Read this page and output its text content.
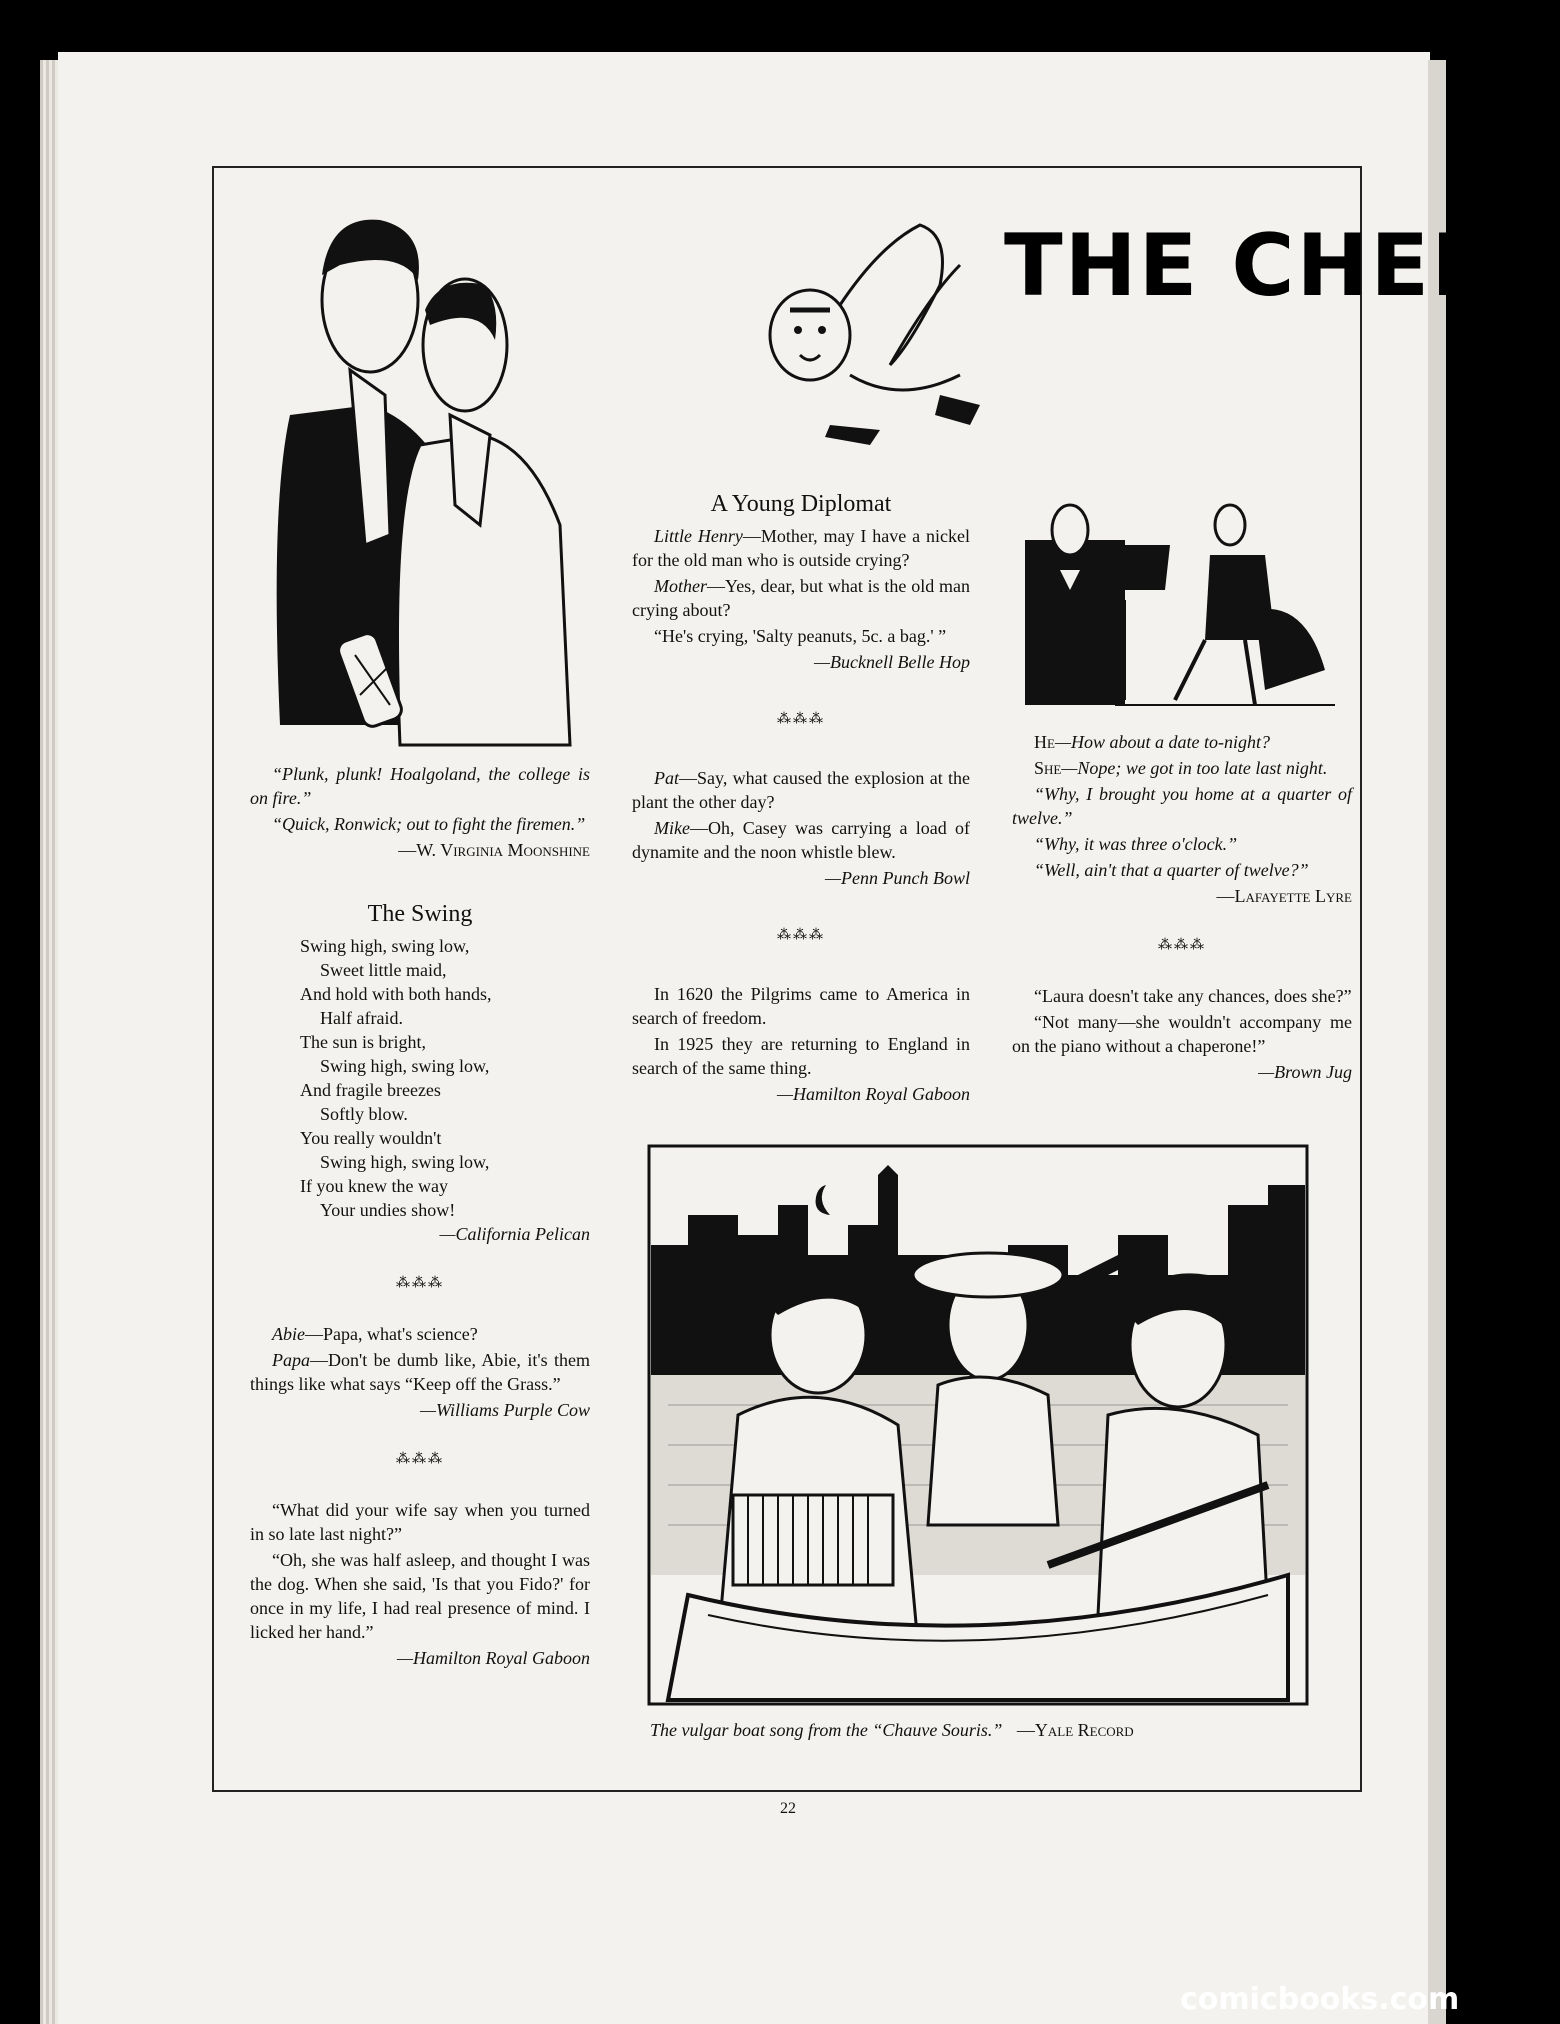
THE CHEER

“Plunk, plunk! Hoalgoland, the college is on fire.”

“Quick, Ronwick; out to fight the firemen.”

—W. Virginia Moonshine
The Swing
Swing high, swing low,
Sweet little maid,
And hold with both hands,
Half afraid.
The sun is bright,
Swing high, swing low,
And fragile breezes
Softly blow.
You really wouldn't
Swing high, swing low,
If you knew the way
Your undies show!
—California Pelican
⁂⁂⁂

Abie—Papa, what's science?

Papa—Don't be dumb like, Abie, it's them things like what says “Keep off the Grass.”

—Williams Purple Cow
⁂⁂⁂

“What did your wife say when you turned in so late last night?”

“Oh, she was half asleep, and thought I was the dog. When she said, 'Is that you Fido?' for once in my life, I had real presence of mind. I licked her hand.”

—Hamilton Royal Gaboon
A Young Diplomat

Little Henry—Mother, may I have a nickel for the old man who is outside crying?

Mother—Yes, dear, but what is the old man crying about?

“He's crying, 'Salty peanuts, 5c. a bag.' ”

—Bucknell Belle Hop
⁂⁂⁂

Pat—Say, what caused the explosion at the plant the other day?

Mike—Oh, Casey was carrying a load of dynamite and the noon whistle blew.

—Penn Punch Bowl
⁂⁂⁂

In 1620 the Pilgrims came to America in search of freedom.

In 1925 they are returning to England in search of the same thing.

—Hamilton Royal Gaboon

He—How about a date to-night?

She—Nope; we got in too late last night.

“Why, I brought you home at a quarter of twelve.”

“Why, it was three o'clock.”

“Well, ain't that a quarter of twelve?”

—Lafayette Lyre
⁂⁂⁂

“Laura doesn't take any chances, does she?”

“Not many—she wouldn't accompany me on the piano without a chaperone!”

—Brown Jug
The vulgar boat song from the “Chauve Souris.” —Yale Record
22
comicbooks.com
